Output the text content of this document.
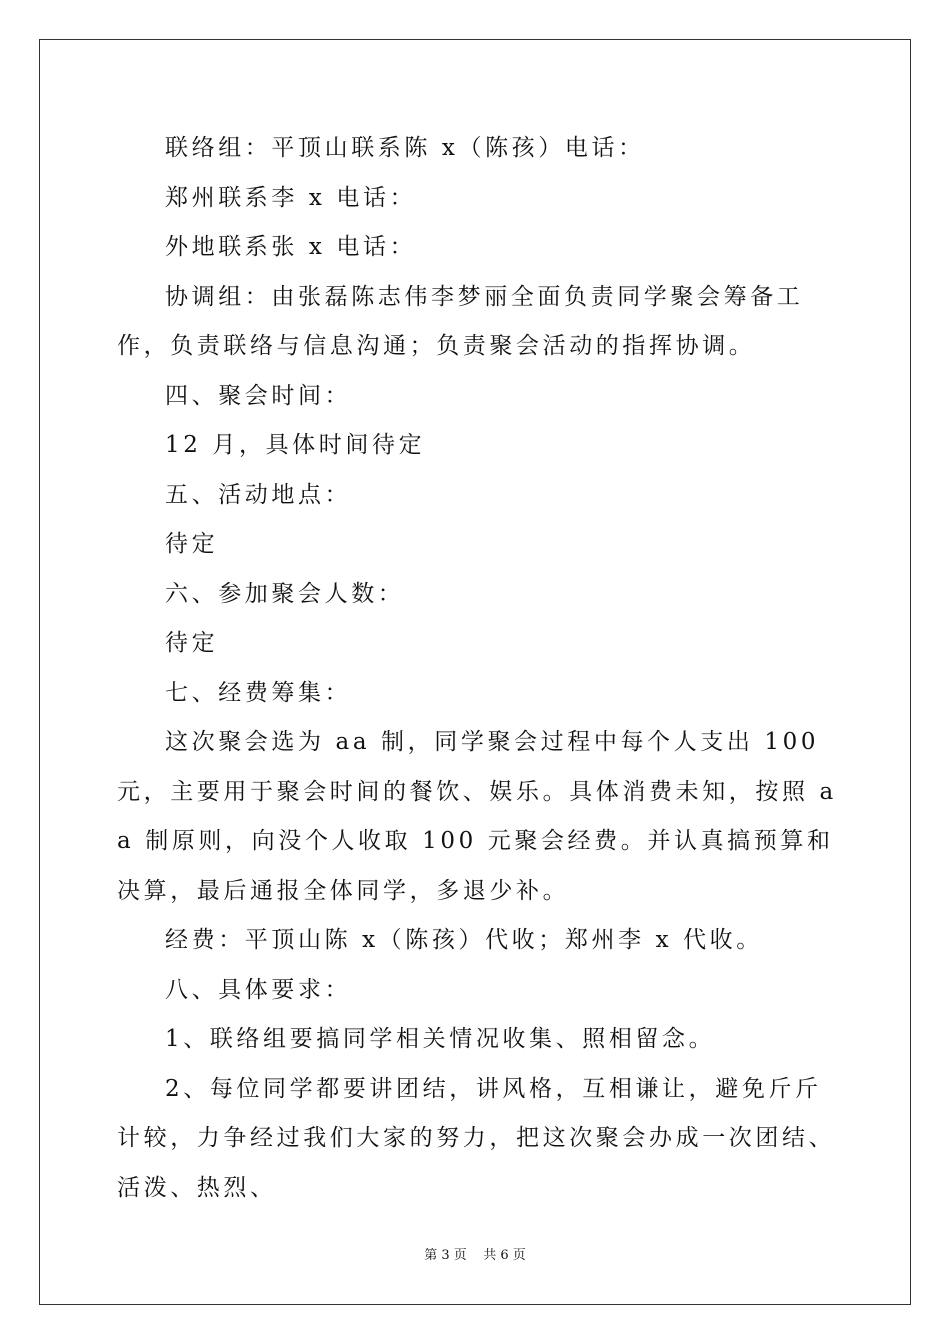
联络组：平顶山联系陈 x（陈孩）电话：

郑州联系李 x 电话：

外地联系张 x 电话：

协调组：由张磊陈志伟李梦丽全面负责同学聚会筹备工作，负责联络与信息沟通；负责聚会活动的指挥协调。

四、聚会时间：

12 月，具体时间待定

五、活动地点：

待定

六、参加聚会人数：

待定

七、经费筹集：

这次聚会选为 aa 制，同学聚会过程中每个人支出 100 元，主要用于聚会时间的餐饮、娱乐。具体消费未知，按照 aa 制原则，向没个人收取 100 元聚会经费。并认真搞预算和决算，最后通报全体同学，多退少补。

经费：平顶山陈 x（陈孩）代收；郑州李 x 代收。

八、具体要求：

1、联络组要搞同学相关情况收集、照相留念。

2、每位同学都要讲团结，讲风格，互相谦让，避免斤斤计较，力争经过我们大家的努力，把这次聚会办成一次团结、活泼、热烈、

第 3 页    共 6 页
